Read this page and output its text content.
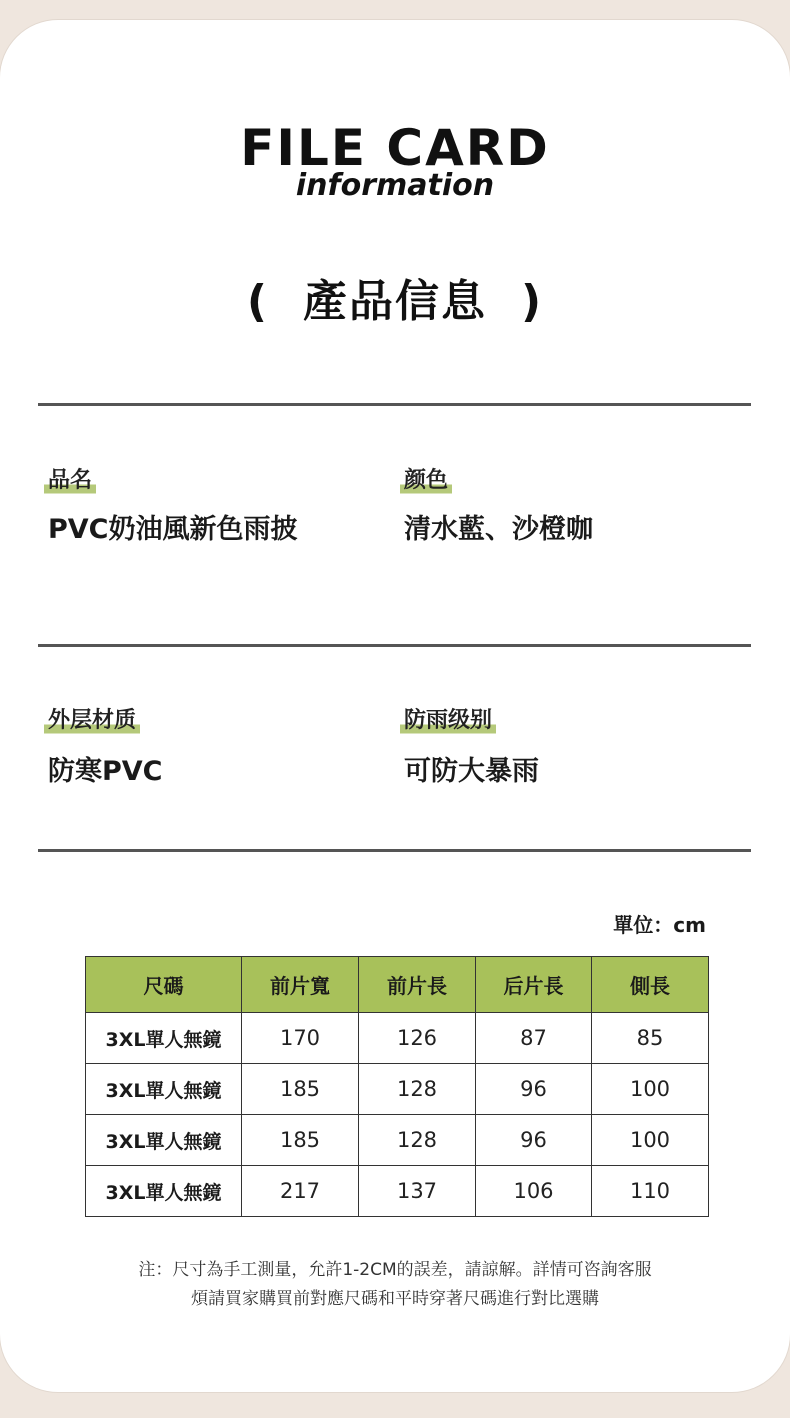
FILE CARD
information
( 產品信息 )
品名
PVC奶油風新色雨披
颜色
清水藍、沙橙咖
外层材质
防寒PVC
防雨级别
可防大暴雨
單位：cm
尺碼	前片寬	前片長	后片長	側長
3XL單人無鏡	170	126	87	85
3XL單人無鏡	185	128	96	100
3XL單人無鏡	185	128	96	100
3XL單人無鏡	217	137	106	110
注：尺寸為手工測量，允許1-2CM的誤差，請諒解。詳情可咨詢客服
煩請買家購買前對應尺碼和平時穿著尺碼進行對比選購
